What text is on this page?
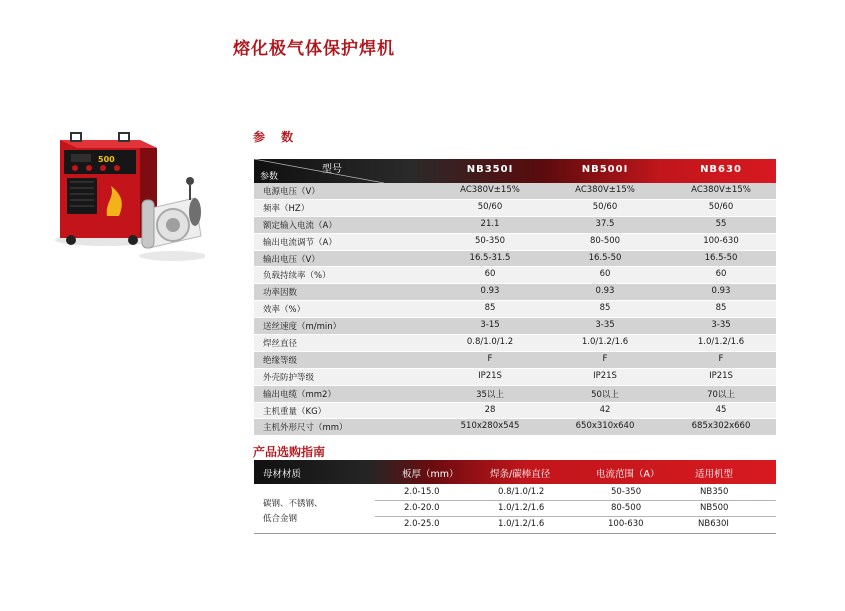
熔化极气体保护焊机
500
参 数
参数
型号	NB350I	NB500I	NB630
电源电压（V）	AC380V±15%	AC380V±15%	AC380V±15%
频率（HZ）	50/60	50/60	50/60
额定输入电流（A）	21.1	37.5	55
输出电流调节（A）	50-350	80-500	100-630
输出电压（V）	16.5-31.5	16.5-50	16.5-50
负载持续率（%）	60	60	60
功率因数	0.93	0.93	0.93
效率（%）	85	85	85
送丝速度（m/min）	3-15	3-35	3-35
焊丝直径	0.8/1.0/1.2	1.0/1.2/1.6	1.0/1.2/1.6
绝缘等级	F	F	F
外壳防护等级	IP21S	IP21S	IP21S
输出电缆（mm2）	35以上	50以上	70以上
主机重量（KG）	28	42	45
主机外形尺寸（mm）	510x280x545	650x310x640	685x302x660
产品选购指南
母材材质	板厚（mm）	焊条/碳棒直径	电流范围（A）	适用机型
碳钢、不锈钢、
低合金钢
2.0-15.0	0.8/1.0/1.2	50-350	NB350
2.0-20.0	1.0/1.2/1.6	80-500	NB500
2.0-25.0	1.0/1.2/1.6	100-630	NB630I
